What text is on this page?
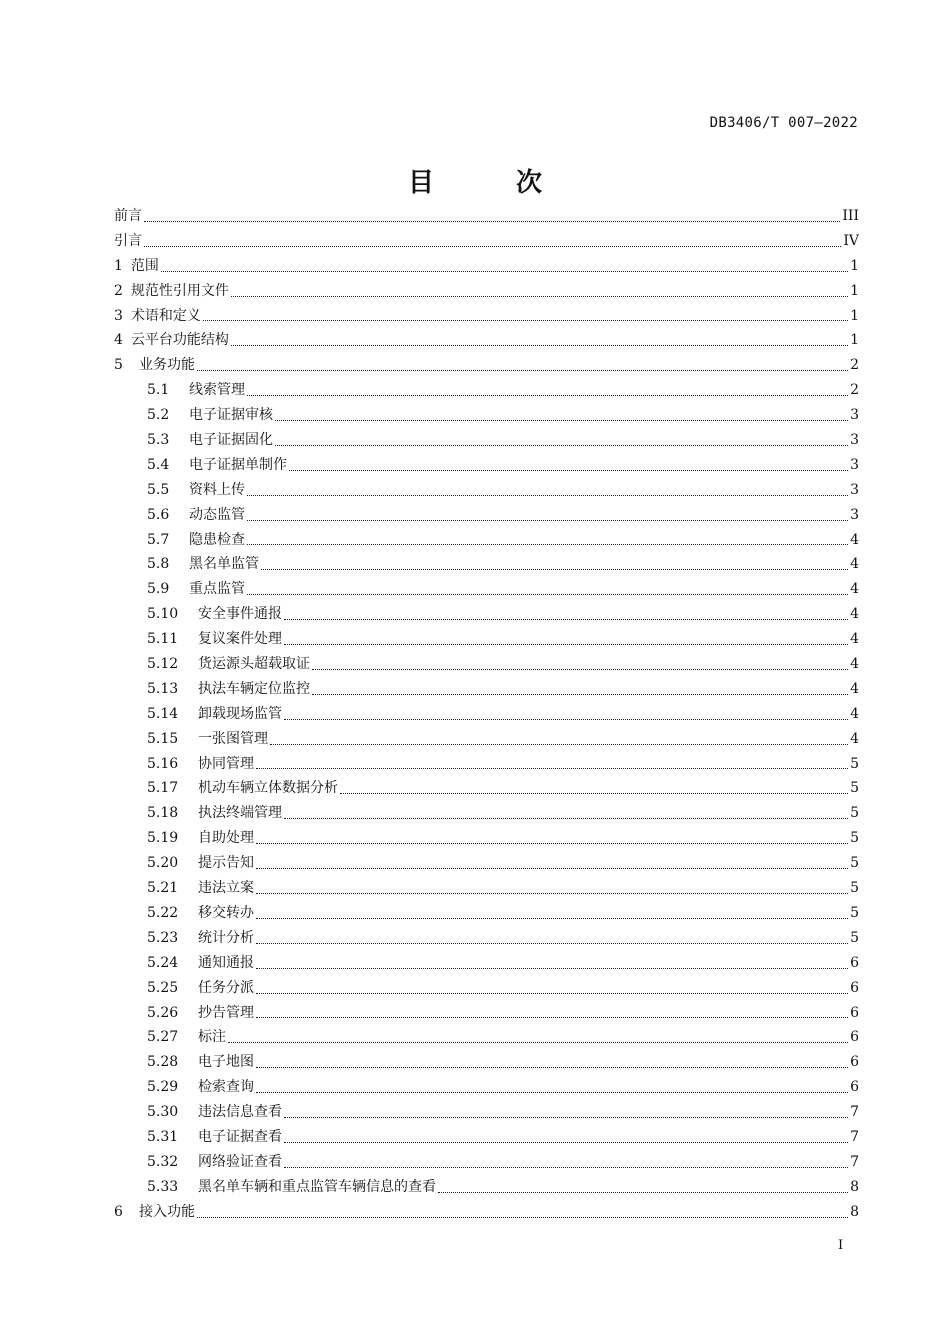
DB3406/T 007—2022
目　次
前言	III
引言	IV
1 范围	1
2 规范性引用文件	1
3 术语和定义	1
4 云平台功能结构	1
5	业务功能	2
5.1	线索管理	2
5.2	电子证据审核	3
5.3	电子证据固化	3
5.4	电子证据单制作	3
5.5	资料上传	3
5.6	动态监管	3
5.7	隐患检查	4
5.8	黑名单监管	4
5.9	重点监管	4
5.10	安全事件通报	4
5.11	复议案件处理	4
5.12	货运源头超载取证	4
5.13	执法车辆定位监控	4
5.14	卸载现场监管	4
5.15	一张图管理	4
5.16	协同管理	5
5.17	机动车辆立体数据分析	5
5.18	执法终端管理	5
5.19	自助处理	5
5.20	提示告知	5
5.21	违法立案	5
5.22	移交转办	5
5.23	统计分析	5
5.24	通知通报	6
5.25	任务分派	6
5.26	抄告管理	6
5.27	标注	6
5.28	电子地图	6
5.29	检索查询	6
5.30	违法信息查看	7
5.31	电子证据查看	7
5.32	网络验证查看	7
5.33	黑名单车辆和重点监管车辆信息的查看	8
6	接入功能	8
I
